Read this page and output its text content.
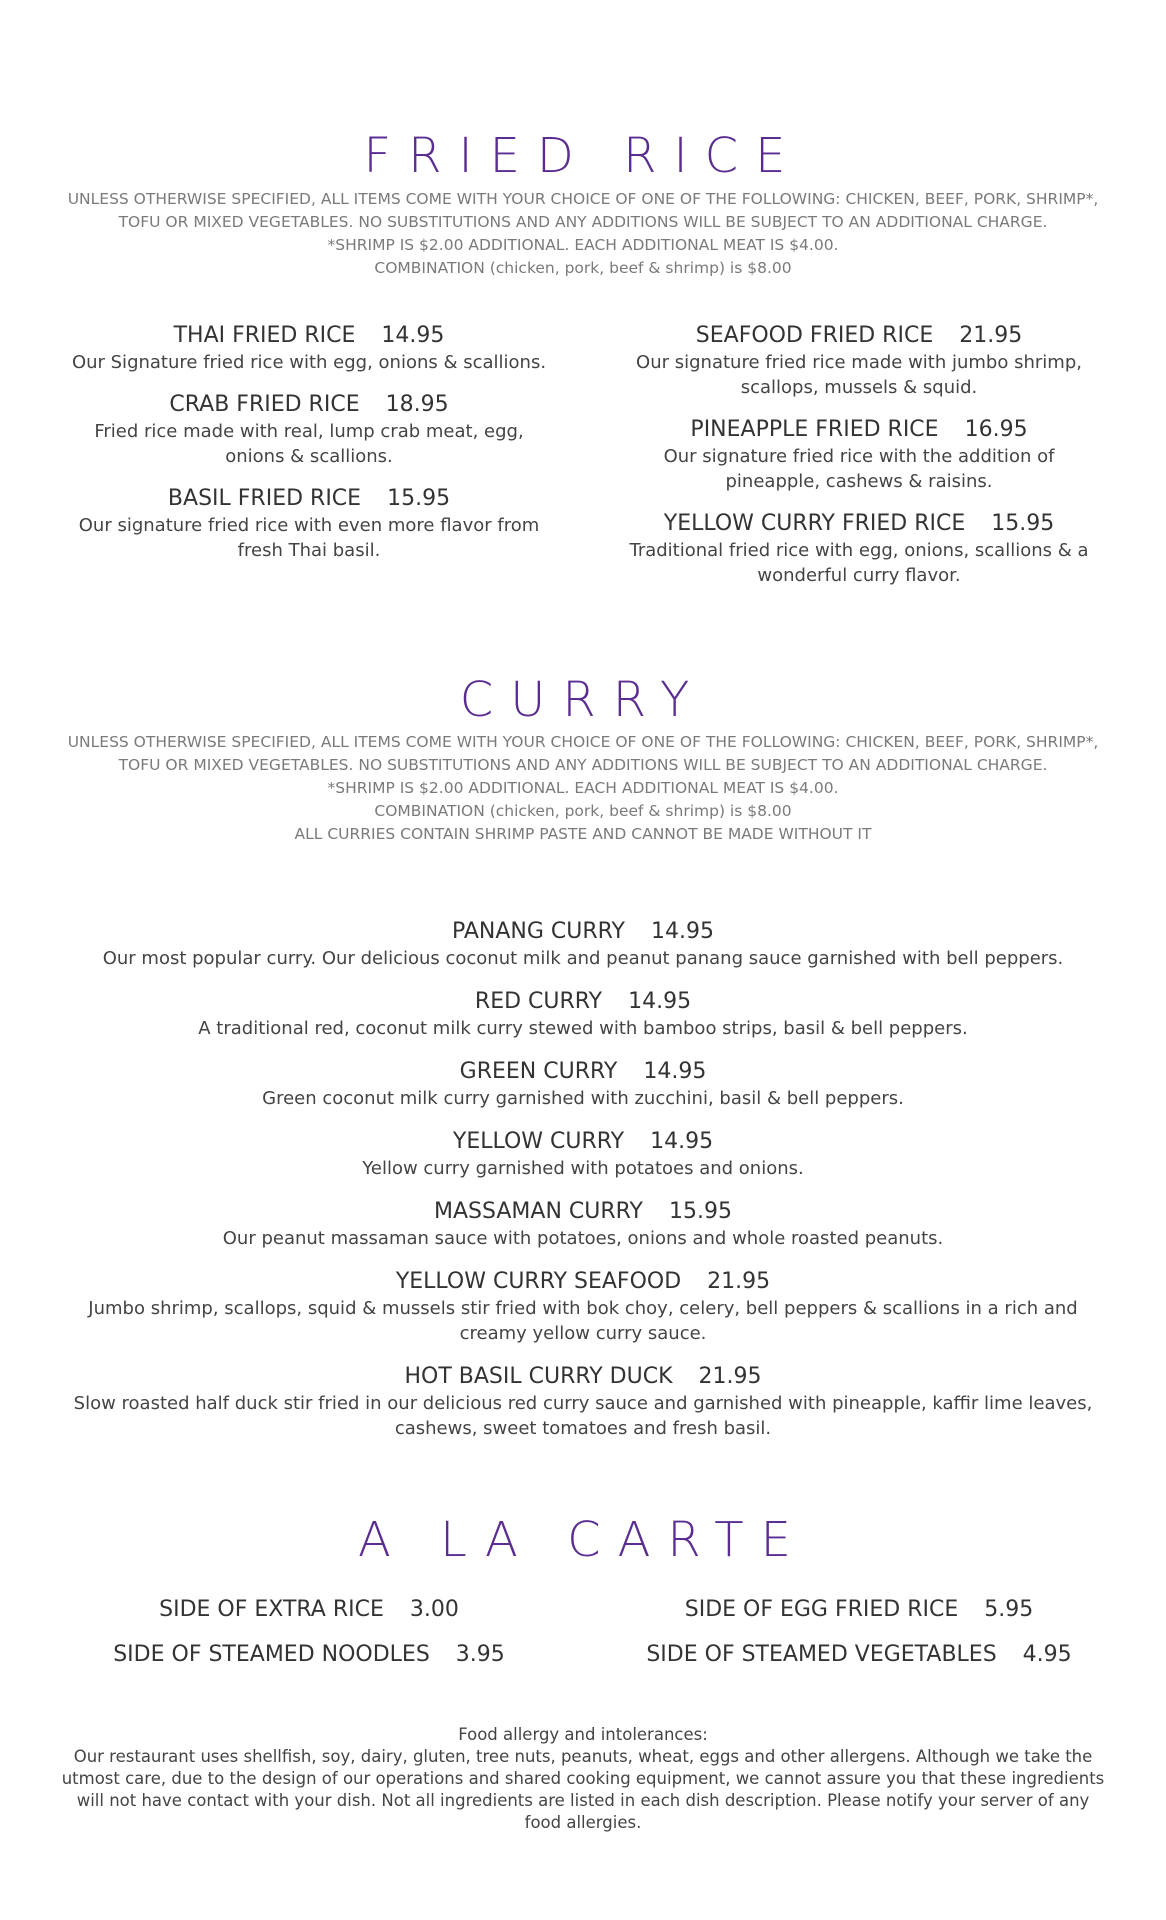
FRIED RICE
UNLESS OTHERWISE SPECIFIED, ALL ITEMS COME WITH YOUR CHOICE OF ONE OF THE FOLLOWING: CHICKEN, BEEF, PORK, SHRIMP*, TOFU OR MIXED VEGETABLES. NO SUBSTITUTIONS AND ANY ADDITIONS WILL BE SUBJECT TO AN ADDITIONAL CHARGE.
*SHRIMP IS $2.00 ADDITIONAL. EACH ADDITIONAL MEAT IS $4.00.
COMBINATION (chicken, pork, beef & shrimp) is $8.00
THAI FRIED RICE 14.95
Our Signature fried rice with egg, onions & scallions.
CRAB FRIED RICE 18.95
Fried rice made with real, lump crab meat, egg, onions & scallions.
BASIL FRIED RICE 15.95
Our signature fried rice with even more flavor from fresh Thai basil.
SEAFOOD FRIED RICE 21.95
Our signature fried rice made with jumbo shrimp, scallops, mussels & squid.
PINEAPPLE FRIED RICE 16.95
Our signature fried rice with the addition of pineapple, cashews & raisins.
YELLOW CURRY FRIED RICE 15.95
Traditional fried rice with egg, onions, scallions & a wonderful curry flavor.
CURRY
UNLESS OTHERWISE SPECIFIED, ALL ITEMS COME WITH YOUR CHOICE OF ONE OF THE FOLLOWING: CHICKEN, BEEF, PORK, SHRIMP*, TOFU OR MIXED VEGETABLES. NO SUBSTITUTIONS AND ANY ADDITIONS WILL BE SUBJECT TO AN ADDITIONAL CHARGE.
*SHRIMP IS $2.00 ADDITIONAL. EACH ADDITIONAL MEAT IS $4.00.
COMBINATION (chicken, pork, beef & shrimp) is $8.00
ALL CURRIES CONTAIN SHRIMP PASTE AND CANNOT BE MADE WITHOUT IT
PANANG CURRY 14.95
Our most popular curry. Our delicious coconut milk and peanut panang sauce garnished with bell peppers.
RED CURRY 14.95
A traditional red, coconut milk curry stewed with bamboo strips, basil & bell peppers.
GREEN CURRY 14.95
Green coconut milk curry garnished with zucchini, basil & bell peppers.
YELLOW CURRY 14.95
Yellow curry garnished with potatoes and onions.
MASSAMAN CURRY 15.95
Our peanut massaman sauce with potatoes, onions and whole roasted peanuts.
YELLOW CURRY SEAFOOD 21.95
Jumbo shrimp, scallops, squid & mussels stir fried with bok choy, celery, bell peppers & scallions in a rich and creamy yellow curry sauce.
HOT BASIL CURRY DUCK 21.95
Slow roasted half duck stir fried in our delicious red curry sauce and garnished with pineapple, kaffir lime leaves, cashews, sweet tomatoes and fresh basil.
A LA CARTE
SIDE OF EXTRA RICE 3.00	SIDE OF EGG FRIED RICE 5.95
SIDE OF STEAMED NOODLES 3.95	SIDE OF STEAMED VEGETABLES 4.95
Food allergy and intolerances:
Our restaurant uses shellfish, soy, dairy, gluten, tree nuts, peanuts, wheat, eggs and other allergens. Although we take the utmost care, due to the design of our operations and shared cooking equipment, we cannot assure you that these ingredients will not have contact with your dish. Not all ingredients are listed in each dish description. Please notify your server of any food allergies.
